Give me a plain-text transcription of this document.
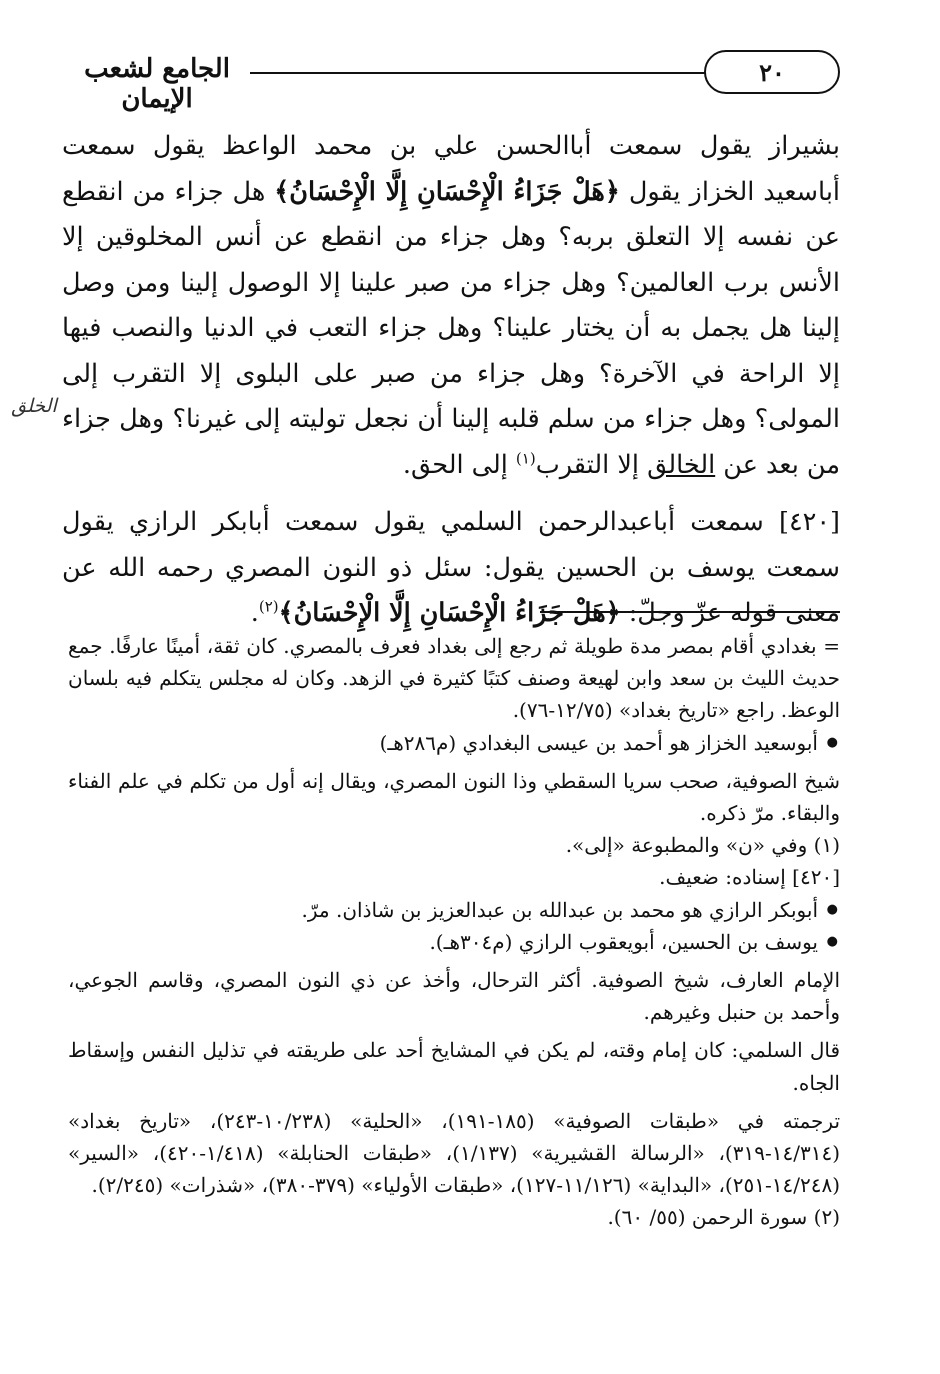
٢٠
الجامع لشعب الإيمان

بشيراز يقول سمعت أباالحسن علي بن محمد الواعظ يقول سمعت أباسعيد الخزاز يقول ﴿هَلْ جَزَاءُ الْإِحْسَانِ إِلَّا الْإِحْسَانُ﴾ هل جزاء من انقطع عن نفسه إلا التعلق بربه؟ وهل جزاء من انقطع عن أنس المخلوقين إلا الأنس برب العالمين؟ وهل جزاء من صبر علينا إلا الوصول إلينا ومن وصل إلينا هل يجمل به أن يختار علينا؟ وهل جزاء التعب في الدنيا والنصب فيها إلا الراحة في الآخرة؟ وهل جزاء من صبر على البلوى إلا التقرب إلى المولى؟ وهل جزاء من سلم قلبه إلينا أن نجعل توليته إلى غيرنا؟ وهل جزاء من بعد عن الخالق إلا التقرب$^{(١)}$ إلى الحق.

[٤٢٠] سمعت أباعبدالرحمن السلمي يقول سمعت أبابكر الرازي يقول سمعت يوسف بن الحسين يقول: سئل ذو النون المصري رحمه الله عن معنى قوله عزّ وجلّ: ﴿هَلْ جَزَاءُ الْإِحْسَانِ إِلَّا الْإِحْسَانُ﴾$^{(٢)}$.

الخلق

= بغدادي أقام بمصر مدة طويلة ثم رجع إلى بغداد فعرف بالمصري. كان ثقة، أمينًا عارفًا. جمع حديث الليث بن سعد وابن لهيعة وصنف كتبًا كثيرة في الزهد. وكان له مجلس يتكلم فيه بلسان الوعظ. راجع «تاريخ بغداد» (١٢/٧٥-٧٦).

● أبوسعيد الخزاز هو أحمد بن عيسى البغدادي (م٢٨٦هـ)

شيخ الصوفية، صحب سريا السقطي وذا النون المصري، ويقال إنه أول من تكلم في علم الفناء والبقاء. مرّ ذكره.

(١) وفي «ن» والمطبوعة «إلى».

[٤٢٠] إسناده: ضعيف.

● أبوبكر الرازي هو محمد بن عبدالله بن عبدالعزيز بن شاذان. مرّ.

● يوسف بن الحسين، أبويعقوب الرازي (م٣٠٤هـ).

الإمام العارف، شيخ الصوفية. أكثر الترحال، وأخذ عن ذي النون المصري، وقاسم الجوعي، وأحمد بن حنبل وغيرهم.

قال السلمي: كان إمام وقته، لم يكن في المشايخ أحد على طريقته في تذليل النفس وإسقاط الجاه.

ترجمته في «طبقات الصوفية» (١٨٥-١٩١)، «الحلية» (١٠/٢٣٨-٢٤٣)، «تاريخ بغداد» (١٤/٣١٤-٣١٩)، «الرسالة القشيرية» (١/١٣٧)، «طبقات الحنابلة» (١/٤١٨-٤٢٠)، «السير» (١٤/٢٤٨-٢٥١)، «البداية» (١١/١٢٦-١٢٧)، «طبقات الأولياء» (٣٧٩-٣٨٠)، «شذرات» (٢/٢٤٥).

(٢) سورة الرحمن (٥٥/ ٦٠).
